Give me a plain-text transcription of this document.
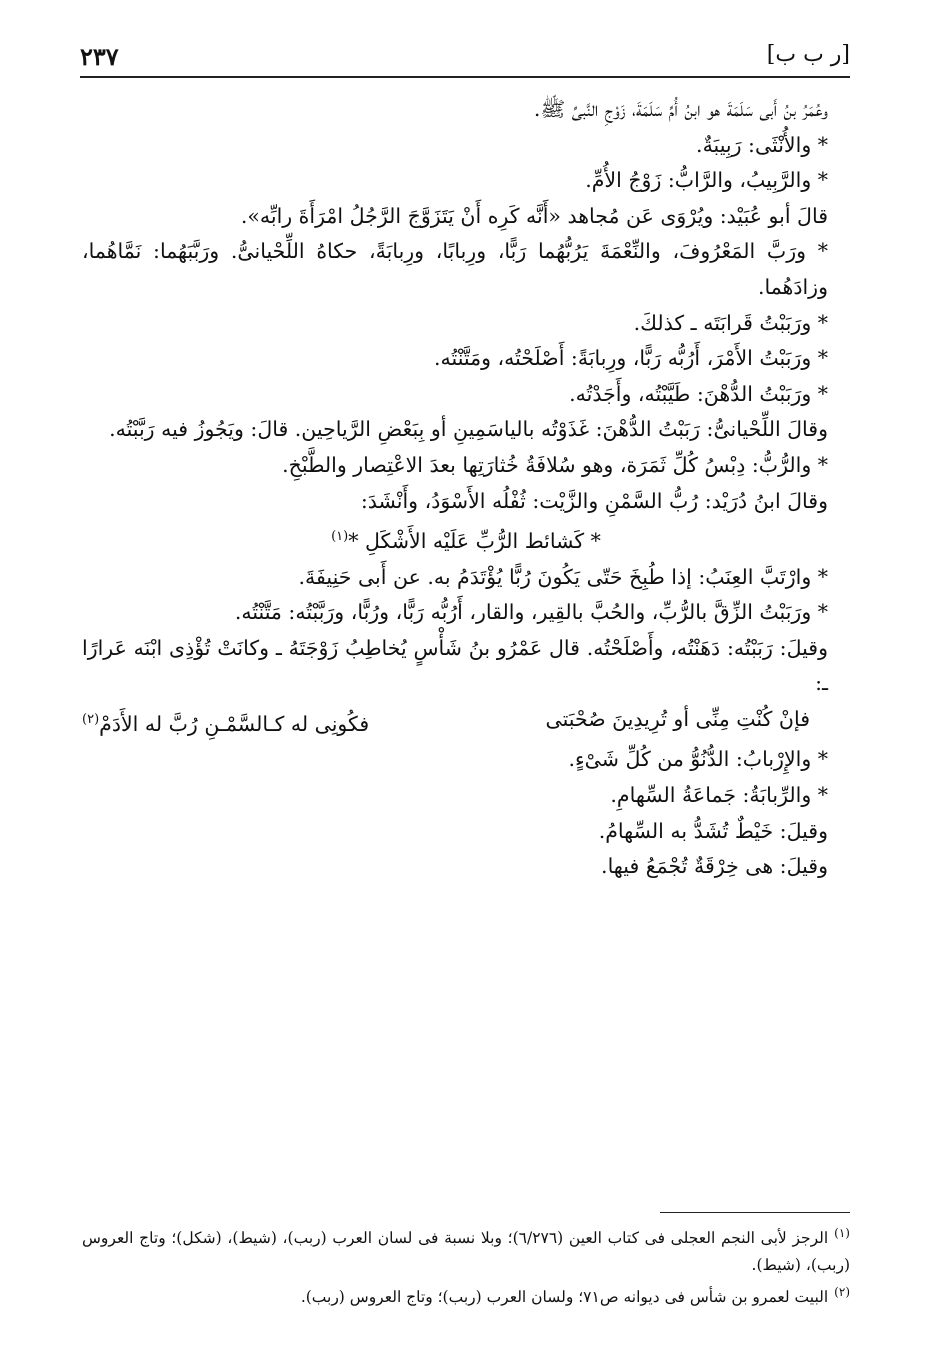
٢٣٧	[ر ب ب]

وعُمَرُ بنُ أَبى سَلَمَةَ هو ابنُ أُمِّ سَلَمَةَ، زَوْجِ النَّبىِّ ﷺ.

* والأُنْثَى: رَبِيبَةٌ.

* والرَّبِيبُ، والرَّابُّ: زَوْجُ الأُمِّ.

قالَ أبو عُبَيْد: ويُرْوَى عَن مُجاهد «أَنَّه كَرِه أَنْ يَتَزَوَّجَ الرَّجُلُ امْرَأَةَ رابِّه».

* ورَبَّ المَعْرُوفَ، والنِّعْمَةَ يَرُبُّهُما رَبًّا، ورِبابًا، ورِبابَةً، حكاهُ اللِّحْيانىُّ. ورَبَّبَهُما: نَمَّاهُما، وزادَهُما.

* ورَبَبْتُ قَرابَتَه ـ كذلكَ.

* ورَبَبْتُ الأَمْرَ، أَرُبُّه رَبًّا، ورِبابَةً: أَصْلَحْتُه، ومَتَّنْتُه.

* ورَبَبْتُ الدُّهْنَ: طَيَّبْتُه، وأَجَدْتُه.

وقالَ اللِّحْيانىُّ: رَبَبْتُ الدُّهْنَ: غَذَوْتُه بالياسَمِينِ أو بِبَعْضِ الرَّياحِين. قالَ: ويَجُوزُ فيه رَبَّبْتُه.

* والرُّبُّ: دِبْسُ كُلِّ ثَمَرَة، وهو سُلافَةُ خُثارَتِها بعدَ الاعْتِصار والطَّبْخِ.

وقالَ ابنُ دُرَيْد: رُبُّ السَّمْنِ والزَّيْت: ثُفْلُه الأَسْوَدُ، وأَنْشَدَ:

* كَشائط الرُّبِّ عَلَيْه الأَشْكَلِ *$^{(١)}$

* وارْتَبَّ العِنَبُ: إذا طُبِخَ حَتّى يَكُونَ رُبًّا يُؤْتَدَمُ به. عن أَبى حَنِيفَةَ.

* ورَبَبْتُ الزِّقَّ بالرُّبِّ، والحُبَّ بالقِير، والقار، أَرُبُّه رَبًّا، ورُبًّا، ورَبَّبْتُه: مَتَّنْتُه.

وقيلَ: رَبَبْتُه: دَهَنْتُه، وأَصْلَحْتُه. قال عَمْرُو بنُ شَأْسٍ يُخاطِبُ زَوْجَتَهُ ـ وكانَتْ تُؤْذِى ابْنَه عَرارًا ـ:

فإنْ كُنْتِ مِنِّى أو تُرِيدِينَ صُحْبَتى
فكُونِى له كـالسَّمْـنِ رُبَّ له الأَدَمْ$^{(٢)}$

* والإِرْبابُ: الدُّنُوُّ من كُلِّ شَىْءٍ.

* والرِّبابَةُ: جَماعَةُ السِّهامِ.

وقيلَ: خَيْطٌ تُشَدُّ به السِّهامُ.

وقيلَ: هى خِرْقَةٌ تُجْمَعُ فيها.

$^{(١)}$الرجز لأبى النجم العجلى فى كتاب العين (٦/٢٧٦)؛ وبلا نسبة فى لسان العرب (ربب)، (شيط)، (شكل)؛ وتاج العروس (ربب)، (شيط).

$^{(٢)}$البيت لعمرو بن شأس فى ديوانه ص٧١؛ ولسان العرب (ربب)؛ وتاج العروس (ربب).
